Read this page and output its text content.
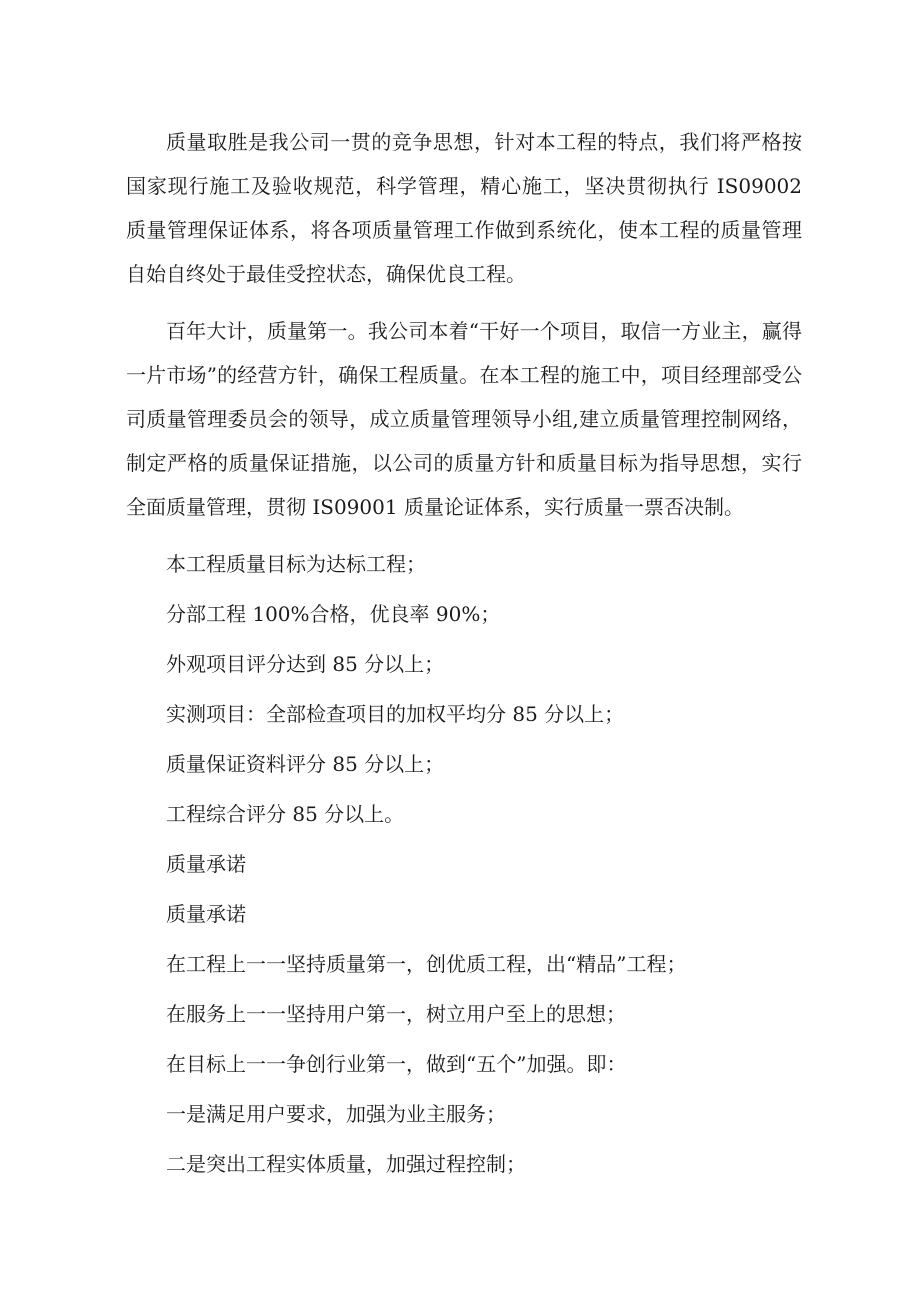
质量取胜是我公司一贯的竞争思想，针对本工程的特点，我们将严格按国家现行施工及验收规范，科学管理，精心施工，坚决贯彻执行 IS09002 质量管理保证体系，将各项质量管理工作做到系统化，使本工程的质量管理自始自终处于最佳受控状态，确保优良工程。

百年大计，质量第一。我公司本着“干好一个项目，取信一方业主，赢得一片市场”的经营方针，确保工程质量。在本工程的施工中，项目经理部受公司质量管理委员会的领导，成立质量管理领导小组,建立质量管理控制网络，制定严格的质量保证措施，以公司的质量方针和质量目标为指导思想，实行全面质量管理，贯彻 IS09001 质量论证体系，实行质量一票否决制。

本工程质量目标为达标工程；

分部工程 100%合格，优良率 90%；

外观项目评分达到 85 分以上；

实测项目：全部检查项目的加权平均分 85 分以上；

质量保证资料评分 85 分以上；

工程综合评分 85 分以上。

质量承诺

质量承诺

在工程上一一坚持质量第一，创优质工程，出“精品”工程；

在服务上一一坚持用户第一，树立用户至上的思想；

在目标上一一争创行业第一，做到“五个”加强。即：

一是满足用户要求，加强为业主服务；

二是突出工程实体质量，加强过程控制；
